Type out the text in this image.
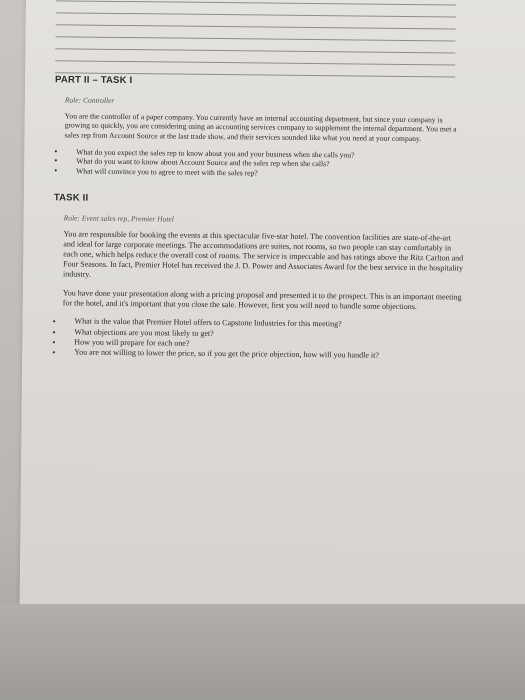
PART II – TASK I
Role: Controller

You are the controller of a paper company. You currently have an internal accounting department, but since your company is growing so quickly, you are considering using an accounting services company to supplement the internal department. You met a sales rep from Account Source at the last trade show, and their services sounded like what you need at your company.

• What do you expect the sales rep to know about you and your business when she calls you?
• What do you want to know about Account Source and the sales rep when she calls?
• What will convince you to agree to meet with the sales rep?
TASK II
Role: Event sales rep, Premier Hotel

You are responsible for booking the events at this spectacular five-star hotel. The convention facilities are state-of-the-art and ideal for large corporate meetings. The accommodations are suites, not rooms, so two people can stay comfortably in each one, which helps reduce the overall cost of rooms. The service is impeccable and has ratings above the Ritz Carlton and Four Seasons. In fact, Premier Hotel has received the J. D. Power and Associates Award for the best service in the hospitality industry.

You have done your presentation along with a pricing proposal and presented it to the prospect. This is an important meeting for the hotel, and it's important that you close the sale. However, first you will need to handle some objections.

• What is the value that Premier Hotel offers to Capstone Industries for this meeting?
• What objections are you most likely to get?
• How you will prepare for each one?
• You are not willing to lower the price, so if you get the price objection, how will you handle it?
